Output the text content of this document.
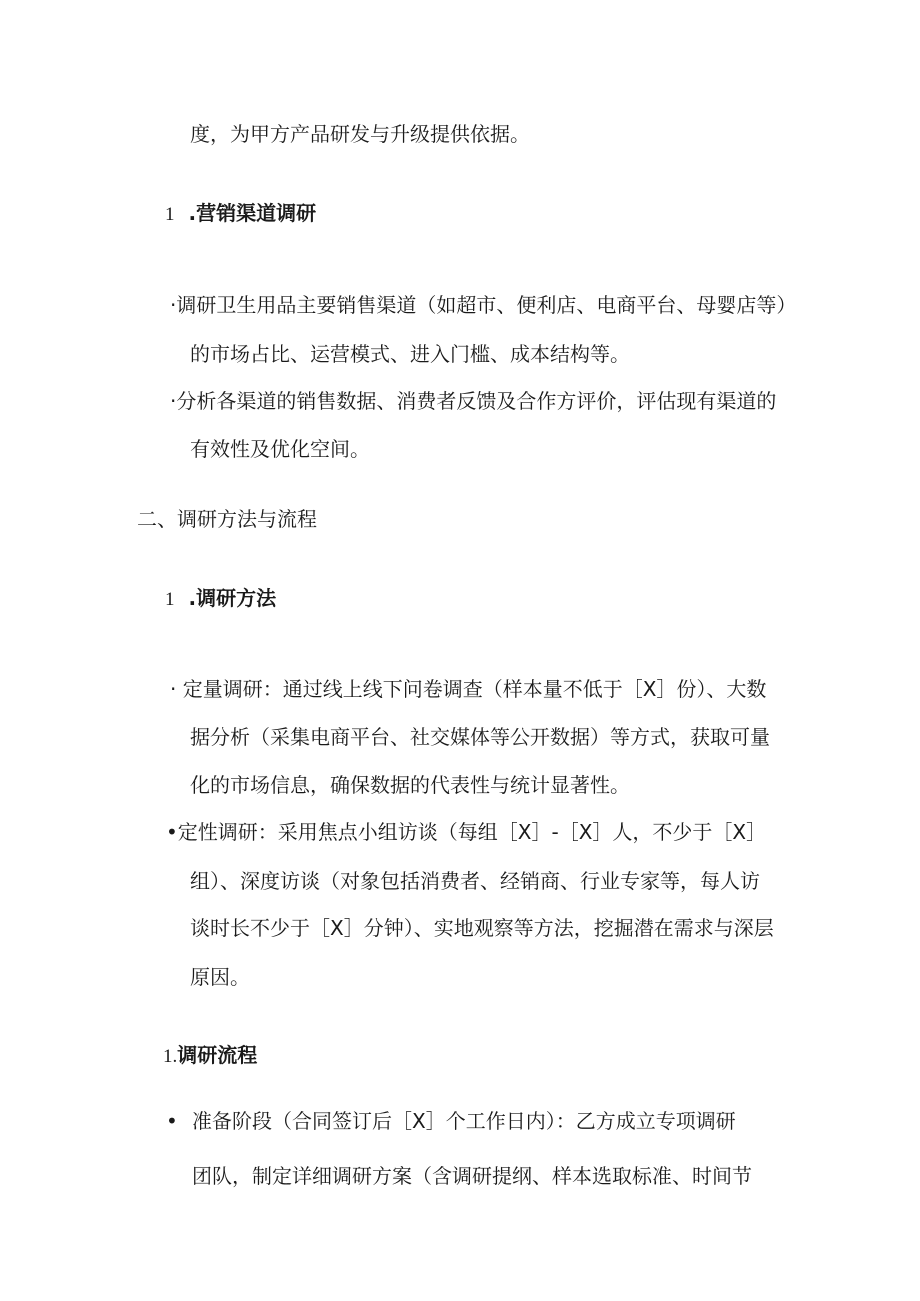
度，为甲方产品研发与升级提供依据。
1 .营销渠道调研
·调研卫生用品主要销售渠道（如超市、便利店、电商平台、母婴店等）
的市场占比、运营模式、进入门槛、成本结构等。
·分析各渠道的销售数据、消费者反馈及合作方评价，评估现有渠道的
有效性及优化空间。
二、调研方法与流程
1 .调研方法
· 定量调研：通过线上线下问卷调查（样本量不低于［X］份）、大数
据分析（采集电商平台、社交媒体等公开数据）等方式，获取可量
化的市场信息，确保数据的代表性与统计显著性。
•定性调研：采用焦点小组访谈（每组［X］-［X］人，不少于［X］
组）、深度访谈（对象包括消费者、经销商、行业专家等，每人访
谈时长不少于［X］分钟）、实地观察等方法，挖掘潜在需求与深层
原因。
1.调研流程
• 准备阶段（合同签订后［X］个工作日内）：乙方成立专项调研
团队，制定详细调研方案（含调研提纲、样本选取标准、时间节
